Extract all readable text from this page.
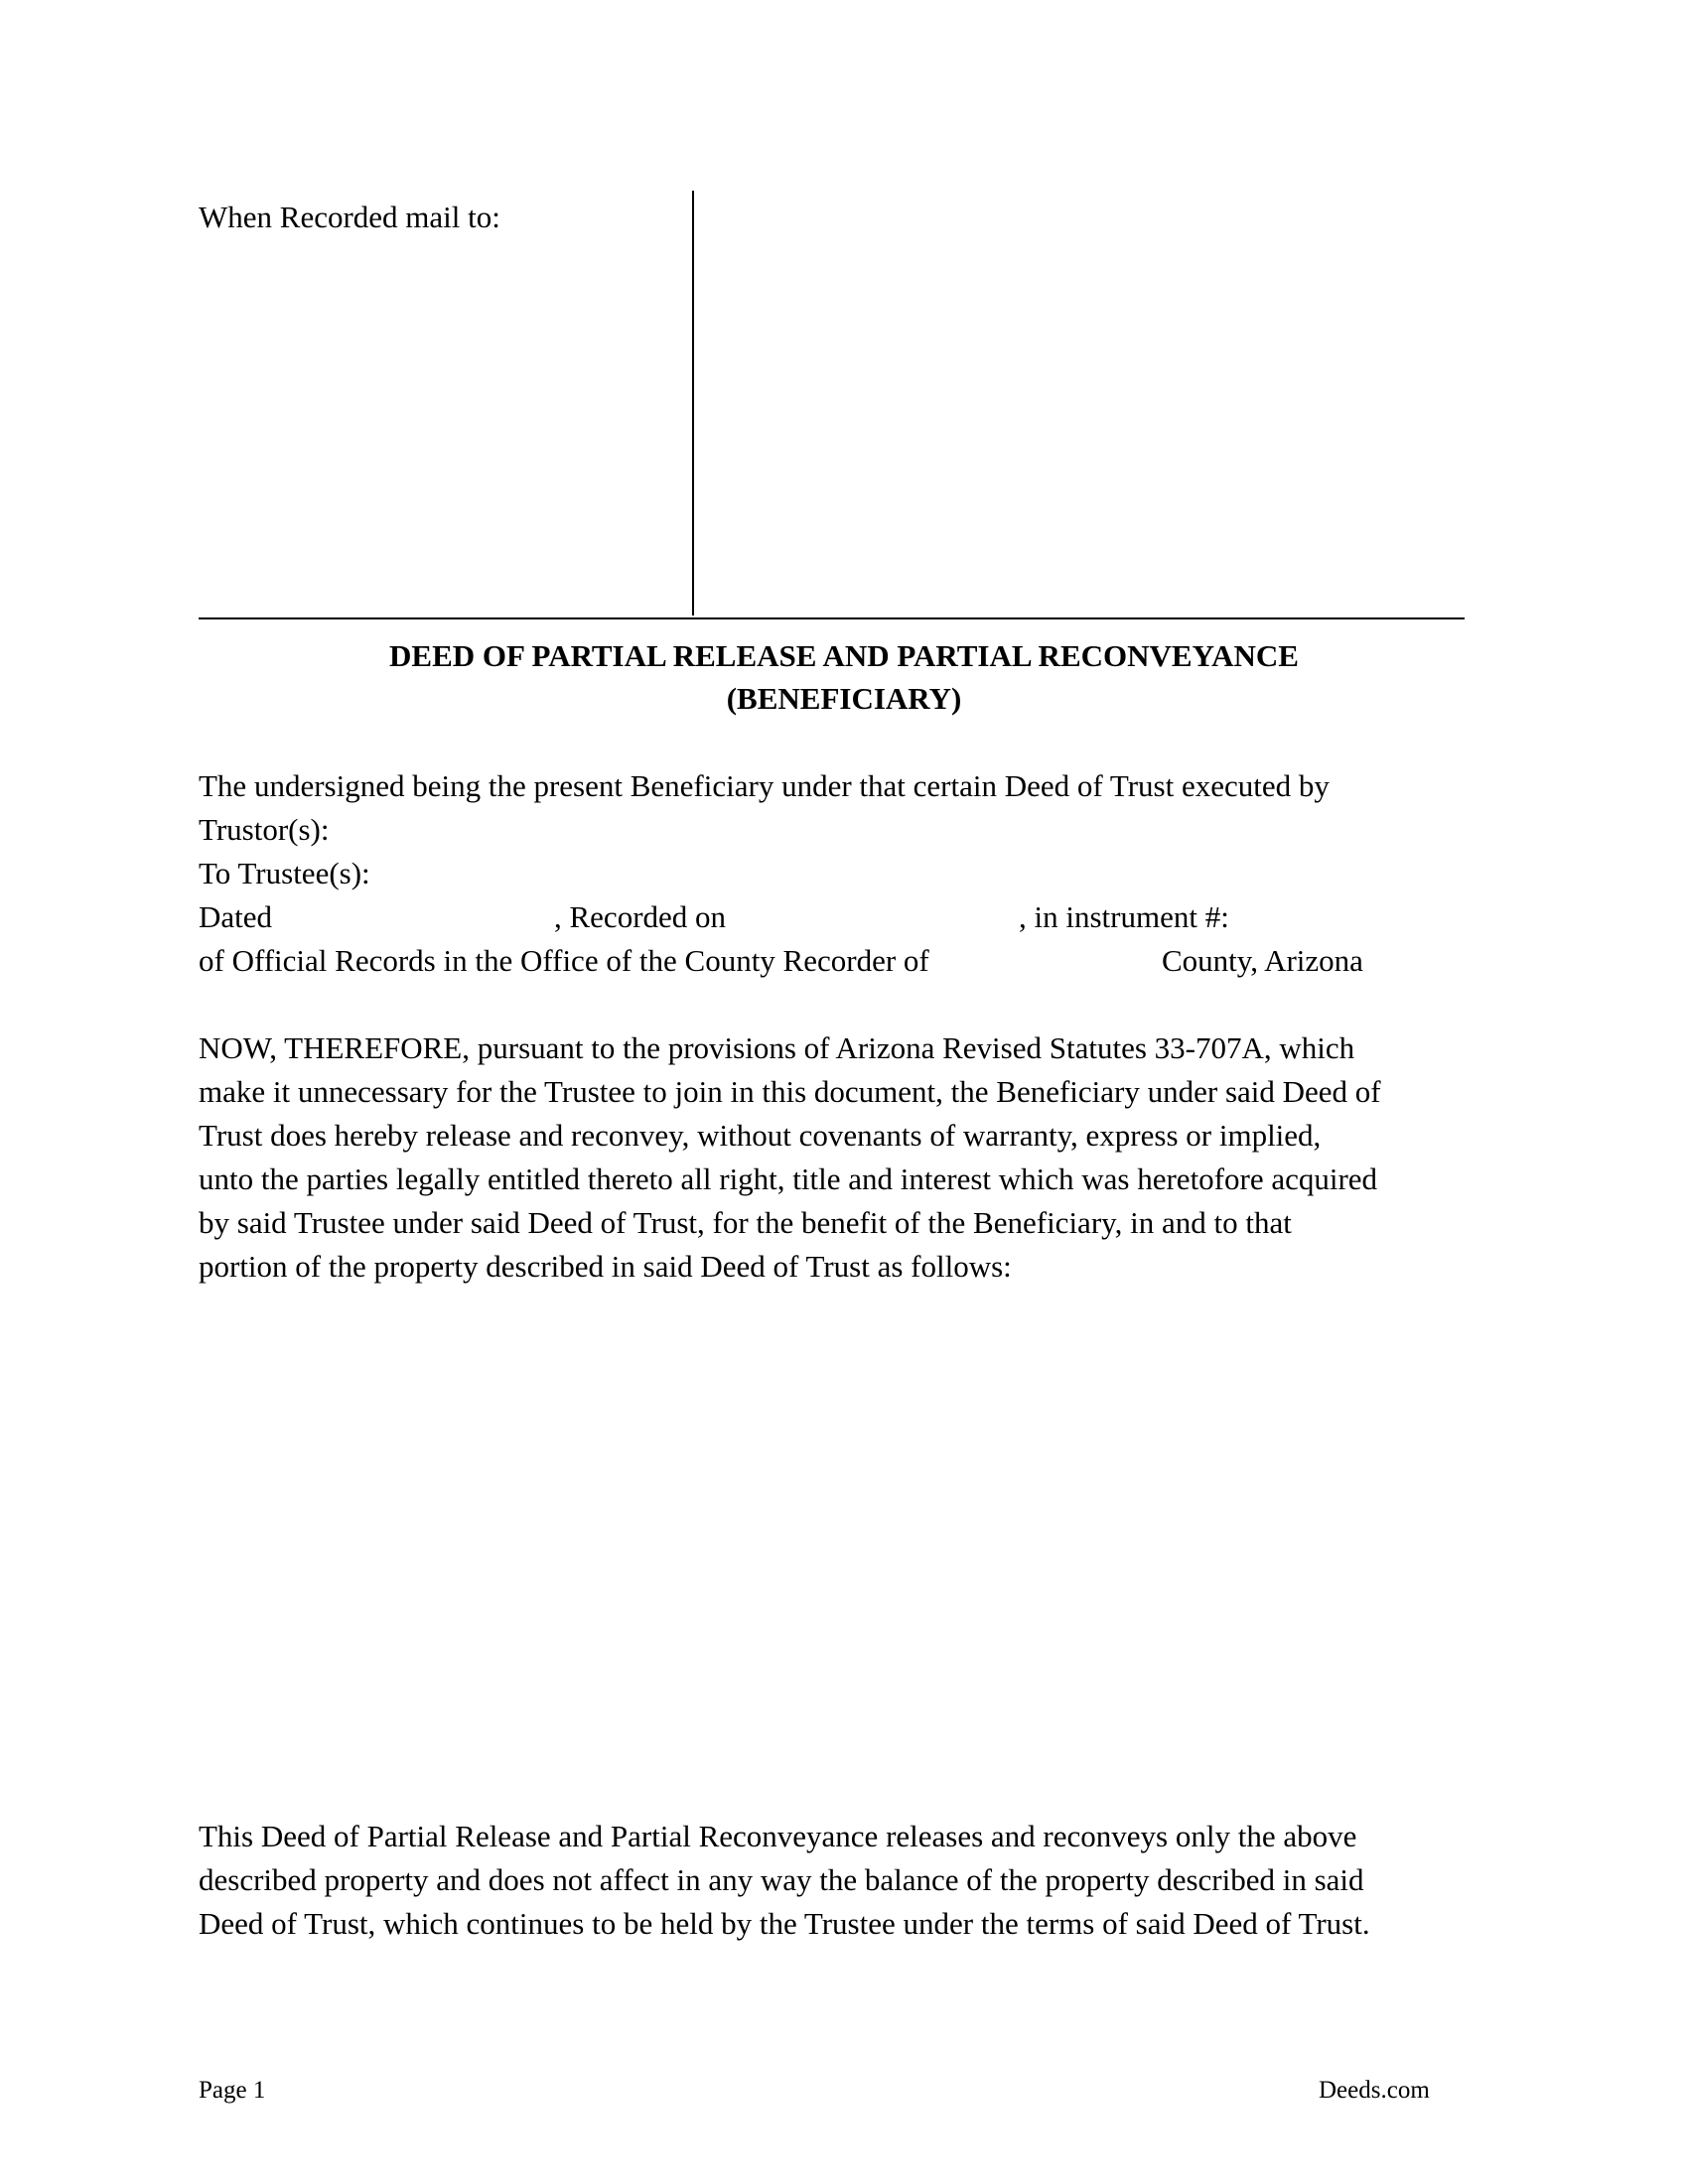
When Recorded mail to:
DEED OF PARTIAL RELEASE AND PARTIAL RECONVEYANCE
(BENEFICIARY)
The undersigned being the present Beneficiary under that certain Deed of Trust executed by
Trustor(s):
To Trustee(s):
Dated	, Recorded on	, in instrument #:
of Official Records in the Office of the County Recorder of	County, Arizona
NOW, THEREFORE, pursuant to the provisions of Arizona Revised Statutes 33-707A, which
make it unnecessary for the Trustee to join in this document, the Beneficiary under said Deed of
Trust does hereby release and reconvey, without covenants of warranty, express or implied,
unto the parties legally entitled thereto all right, title and interest which was heretofore acquired
by said Trustee under said Deed of Trust, for the benefit of the Beneficiary, in and to that
portion of the property described in said Deed of Trust as follows:
This Deed of Partial Release and Partial Reconveyance releases and reconveys only the above
described property and does not affect in any way the balance of the property described in said
Deed of Trust, which continues to be held by the Trustee under the terms of said Deed of Trust.
Page 1	Deeds.com
